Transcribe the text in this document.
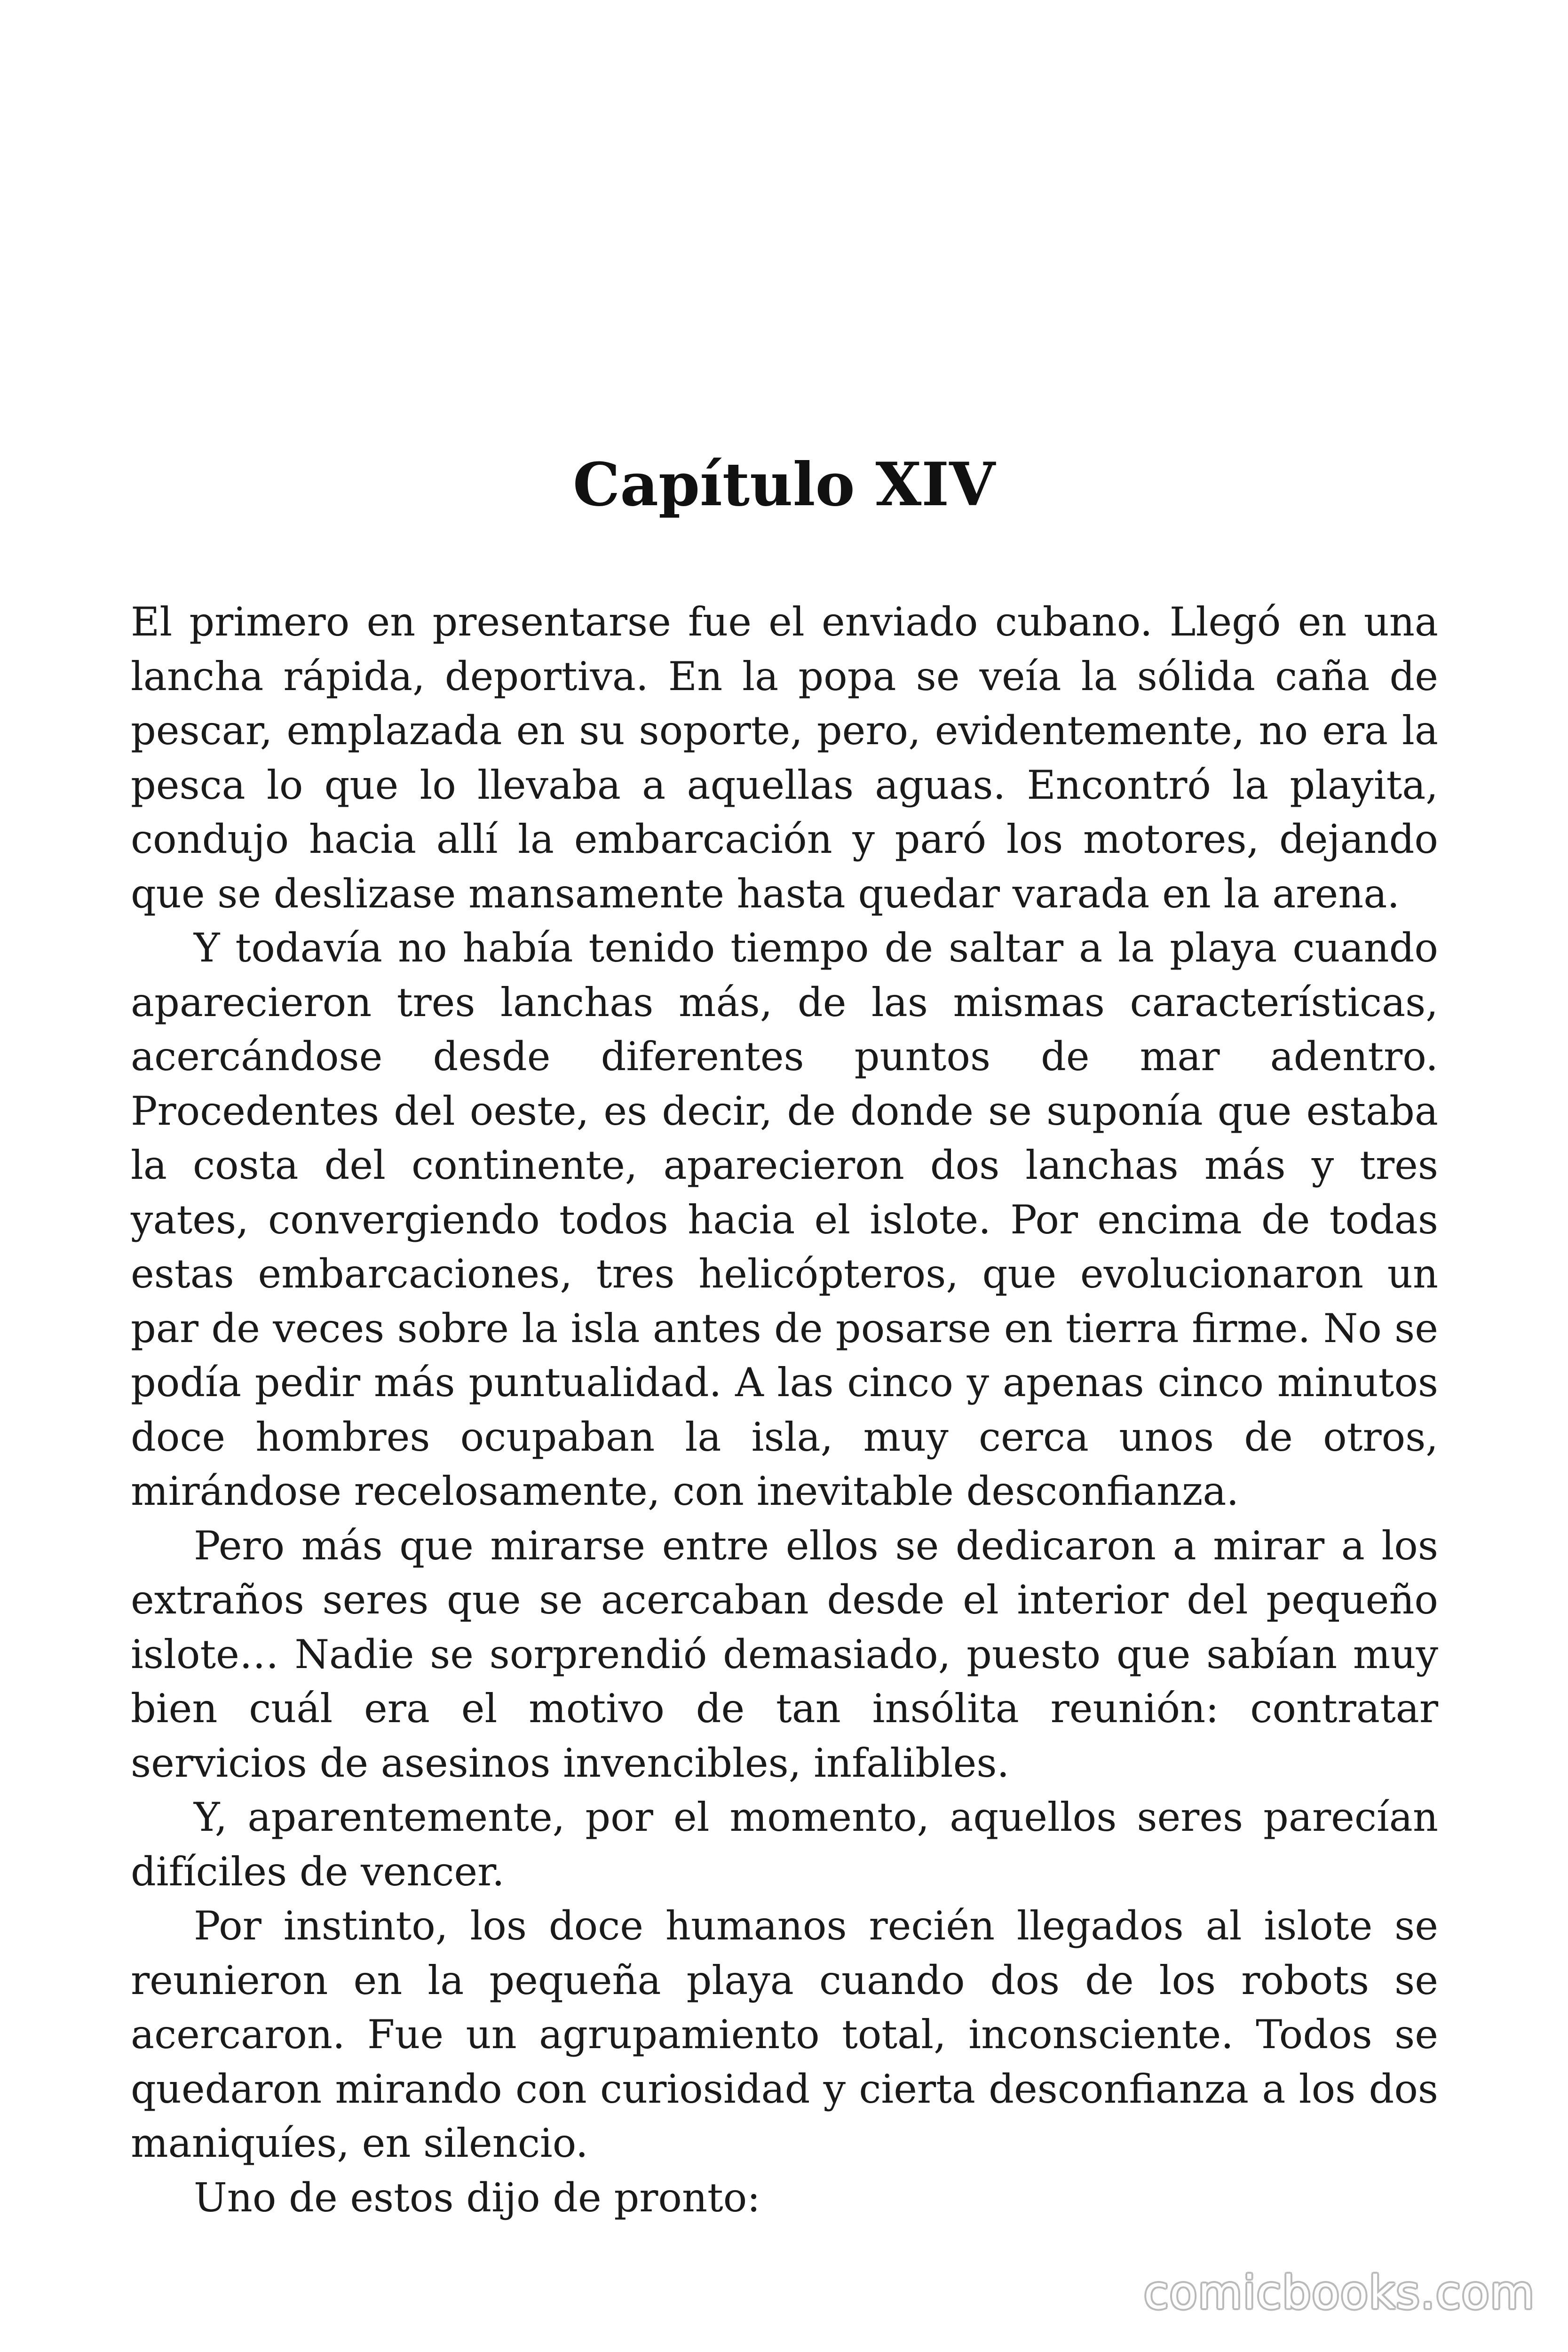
Capítulo XIV

El primero en presentarse fue el enviado cubano. Llegó en una lancha rápida, deportiva. En la popa se veía la sólida caña de pescar, emplazada en su soporte, pero, evidentemente, no era la pesca lo que lo llevaba a aquellas aguas. Encontró la playita, condujo hacia allí la embarcación y paró los motores, dejando que se deslizase mansamente hasta quedar varada en la arena.

Y todavía no había tenido tiempo de saltar a la playa cuando aparecieron tres lanchas más, de las mismas características, acercándose desde diferentes puntos de mar adentro. Procedentes del oeste, es decir, de donde se suponía que estaba la costa del continente, aparecieron dos lanchas más y tres yates, convergiendo todos hacia el islote. Por encima de todas estas embarcaciones, tres helicópteros, que evolucionaron un par de veces sobre la isla antes de posarse en tierra firme. No se podía pedir más puntualidad. A las cinco y apenas cinco minutos doce hombres ocupaban la isla, muy cerca unos de otros, mirándose recelosamente, con inevitable desconfianza.

Pero más que mirarse entre ellos se dedicaron a mirar a los extraños seres que se acercaban desde el interior del pequeño islote… Nadie se sorprendió demasiado, puesto que sabían muy bien cuál era el motivo de tan insólita reunión: contratar servicios de asesinos invencibles, infalibles.

Y, aparentemente, por el momento, aquellos seres parecían difíciles de vencer.

Por instinto, los doce humanos recién llegados al islote se reunieron en la pequeña playa cuando dos de los robots se acercaron. Fue un agrupamiento total, inconsciente. Todos se quedaron mirando con curiosidad y cierta desconfianza a los dos maniquíes, en silencio.

Uno de estos dijo de pronto:

comicbooks.com
